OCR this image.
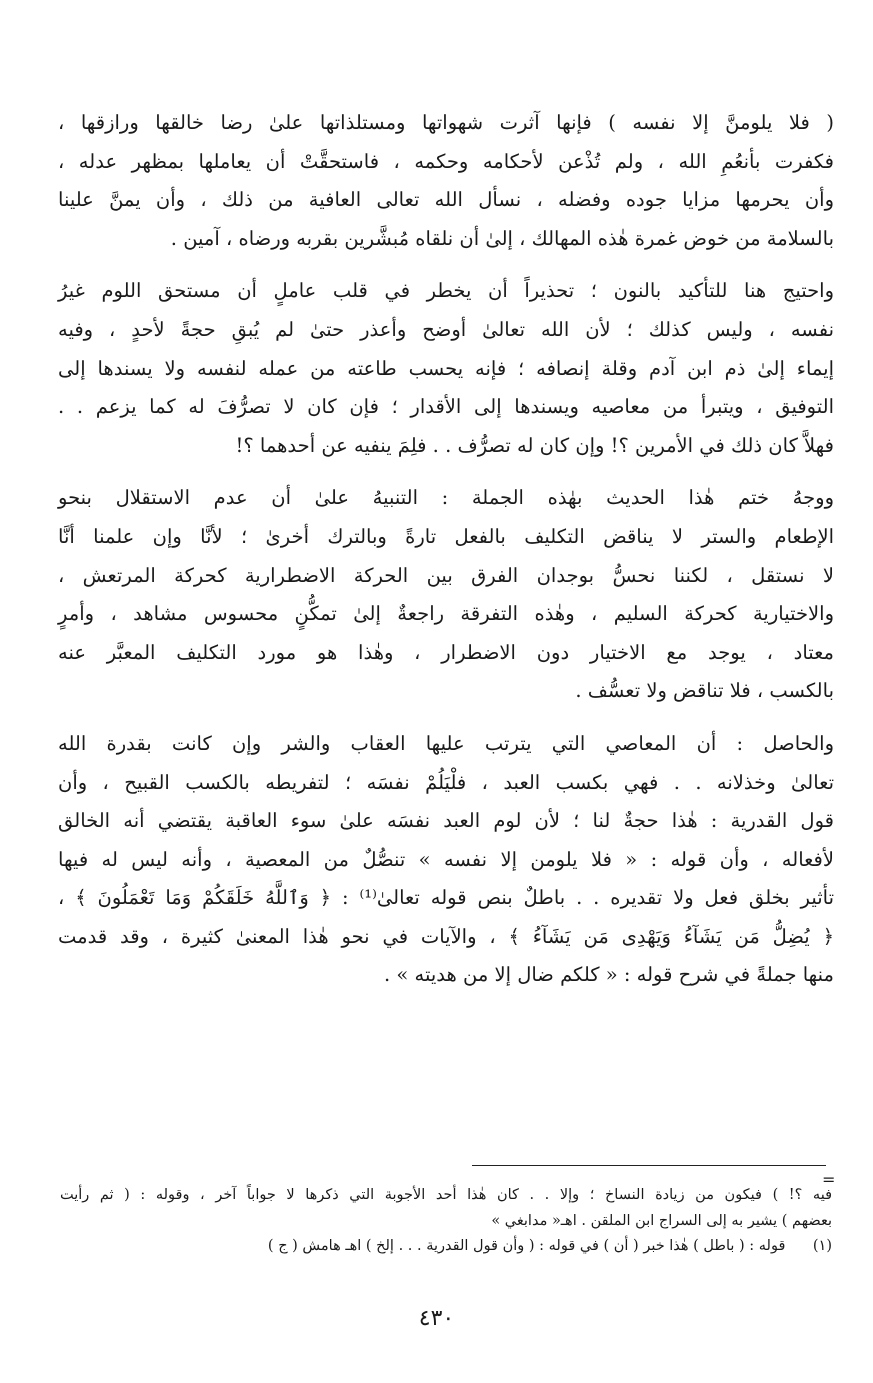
( فلا يلومنَّ إلا نفسه ) فإنها آثرت شهواتها ومستلذاتها علىٰ رضا خالقها ورازقها ،
فكفرت بأنعُمِ الله ، ولم تُذْعن لأحكامه وحكمه ، فاستحقَّتْ أن يعاملها بمظهر عدله ،
وأن يحرمها مزايا جوده وفضله ، نسأل الله تعالى العافية من ذلك ، وأن يمنَّ علينا
بالسلامة من خوض غمرة هٰذه المهالك ، إلىٰ أن نلقاه مُبشَّرين بقربه ورضاه ، آمين .

واحتيج هنا للتأكيد بالنون ؛ تحذيراً أن يخطر في قلب عاملٍ أن مستحق اللوم غيرُ
نفسه ، وليس كذلك ؛ لأن الله تعالىٰ أوضح وأعذر حتىٰ لم يُبقِ حجةً لأحدٍ ، وفيه
إيماء إلىٰ ذم ابن آدم وقلة إنصافه ؛ فإنه يحسب طاعته من عمله لنفسه ولا يسندها إلى
التوفيق ، ويتبرأ من معاصيه ويسندها إلى الأقدار ؛ فإن كان لا تصرُّفَ له كما يزعم . .
فهلاَّ كان ذلك في الأمرين ؟! وإن كان له تصرُّف . . فلِمَ ينفيه عن أحدهما ؟!

ووجهُ ختم هٰذا الحديث بهٰذه الجملة : التنبيهُ علىٰ أن عدم الاستقلال بنحو
الإطعام والستر لا يناقض التكليف بالفعل تارةً وبالترك أخرىٰ ؛ لأنَّا وإن علمنا أنَّا
لا نستقل ، لكننا نحسُّ بوجدان الفرق بين الحركة الاضطرارية كحركة المرتعش ،
والاختيارية كحركة السليم ، وهٰذه التفرقة راجعةٌ إلىٰ تمكُّنٍ محسوس مشاهد ، وأمرٍ
معتاد ، يوجد مع الاختيار دون الاضطرار ، وهٰذا هو مورد التكليف المعبَّر عنه
بالكسب ، فلا تناقض ولا تعسُّف .

والحاصل : أن المعاصي التي يترتب عليها العقاب والشر وإن كانت بقدرة الله
تعالىٰ وخذلانه . . فهي بكسب العبد ، فلْيَلُمْ نفسَه ؛ لتفريطه بالكسب القبيح ، وأن
قول القدرية : هٰذا حجةٌ لنا ؛ لأن لوم العبد نفسَه علىٰ سوء العاقبة يقتضي أنه الخالق
لأفعاله ، وأن قوله : « فلا يلومن إلا نفسه » تنصُّلٌ من المعصية ، وأنه ليس له فيها
تأثير بخلق فعل ولا تقديره . . باطلٌ بنص قوله تعالىٰ⁽¹⁾ : ﴿ وَٱللَّهُ خَلَقَكُمْ وَمَا تَعْمَلُونَ ﴾ ،
﴿ يُضِلُّ مَن يَشَآءُ وَيَهْدِى مَن يَشَآءُ ﴾ ، والآيات في نحو هٰذا المعنىٰ كثيرة ، وقد قدمت
منها جملةً في شرح قوله : « كلكم ضال إلا من هديته » .

=
فيه ؟! ) فيكون من زيادة النساخ ؛ وإلا . . كان هٰذا أحد الأجوبة التي ذكرها لا جواباً آخر ، وقوله : ( ثم رأيت
بعضهم ) يشير به إلى السراج ابن الملقن . اهـ« مدابغي »
(١) قوله : ( باطل ) هٰذا خبر ( أن ) في قوله : ( وأن قول القدرية . . . إلخ ) اهـ هامش ( ج )
٤٣٠
